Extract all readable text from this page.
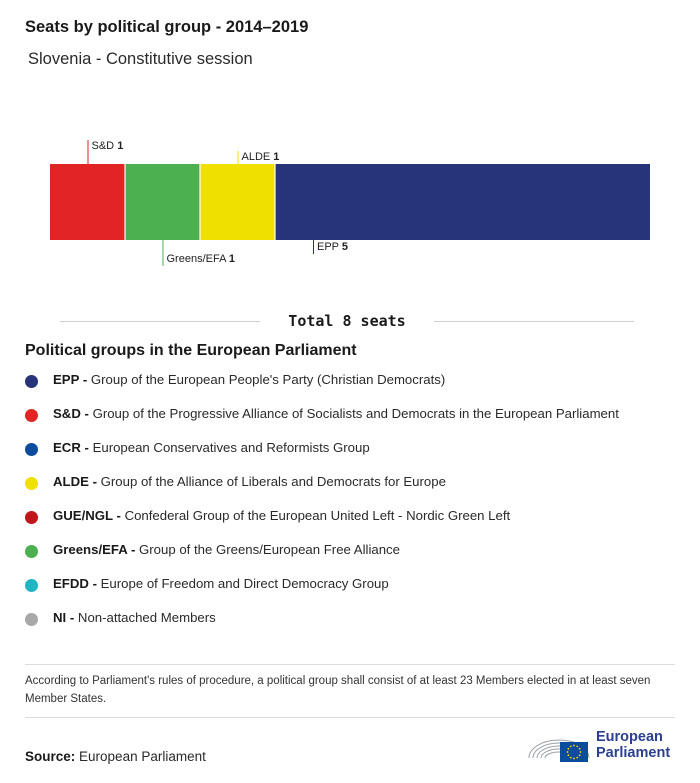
Seats by political group - 2014–2019
Slovenia - Constitutive session
S&D 1
Greens/EFA 1
ALDE 1
EPP 5
Total 8 seats
Political groups in the European Parliament
EPP - Group of the European People's Party (Christian Democrats)
S&D - Group of the Progressive Alliance of Socialists and Democrats in the European Parliament
ECR - European Conservatives and Reformists Group
ALDE - Group of the Alliance of Liberals and Democrats for Europe
GUE/NGL - Confederal Group of the European United Left - Nordic Green Left
Greens/EFA - Group of the Greens/European Free Alliance
EFDD - Europe of Freedom and Direct Democracy Group
NI - Non-attached Members

According to Parliament's rules of procedure, a political group shall consist of at least 23 Members elected in at least seven Member States.

Source: European Parliament
European
Parliament
